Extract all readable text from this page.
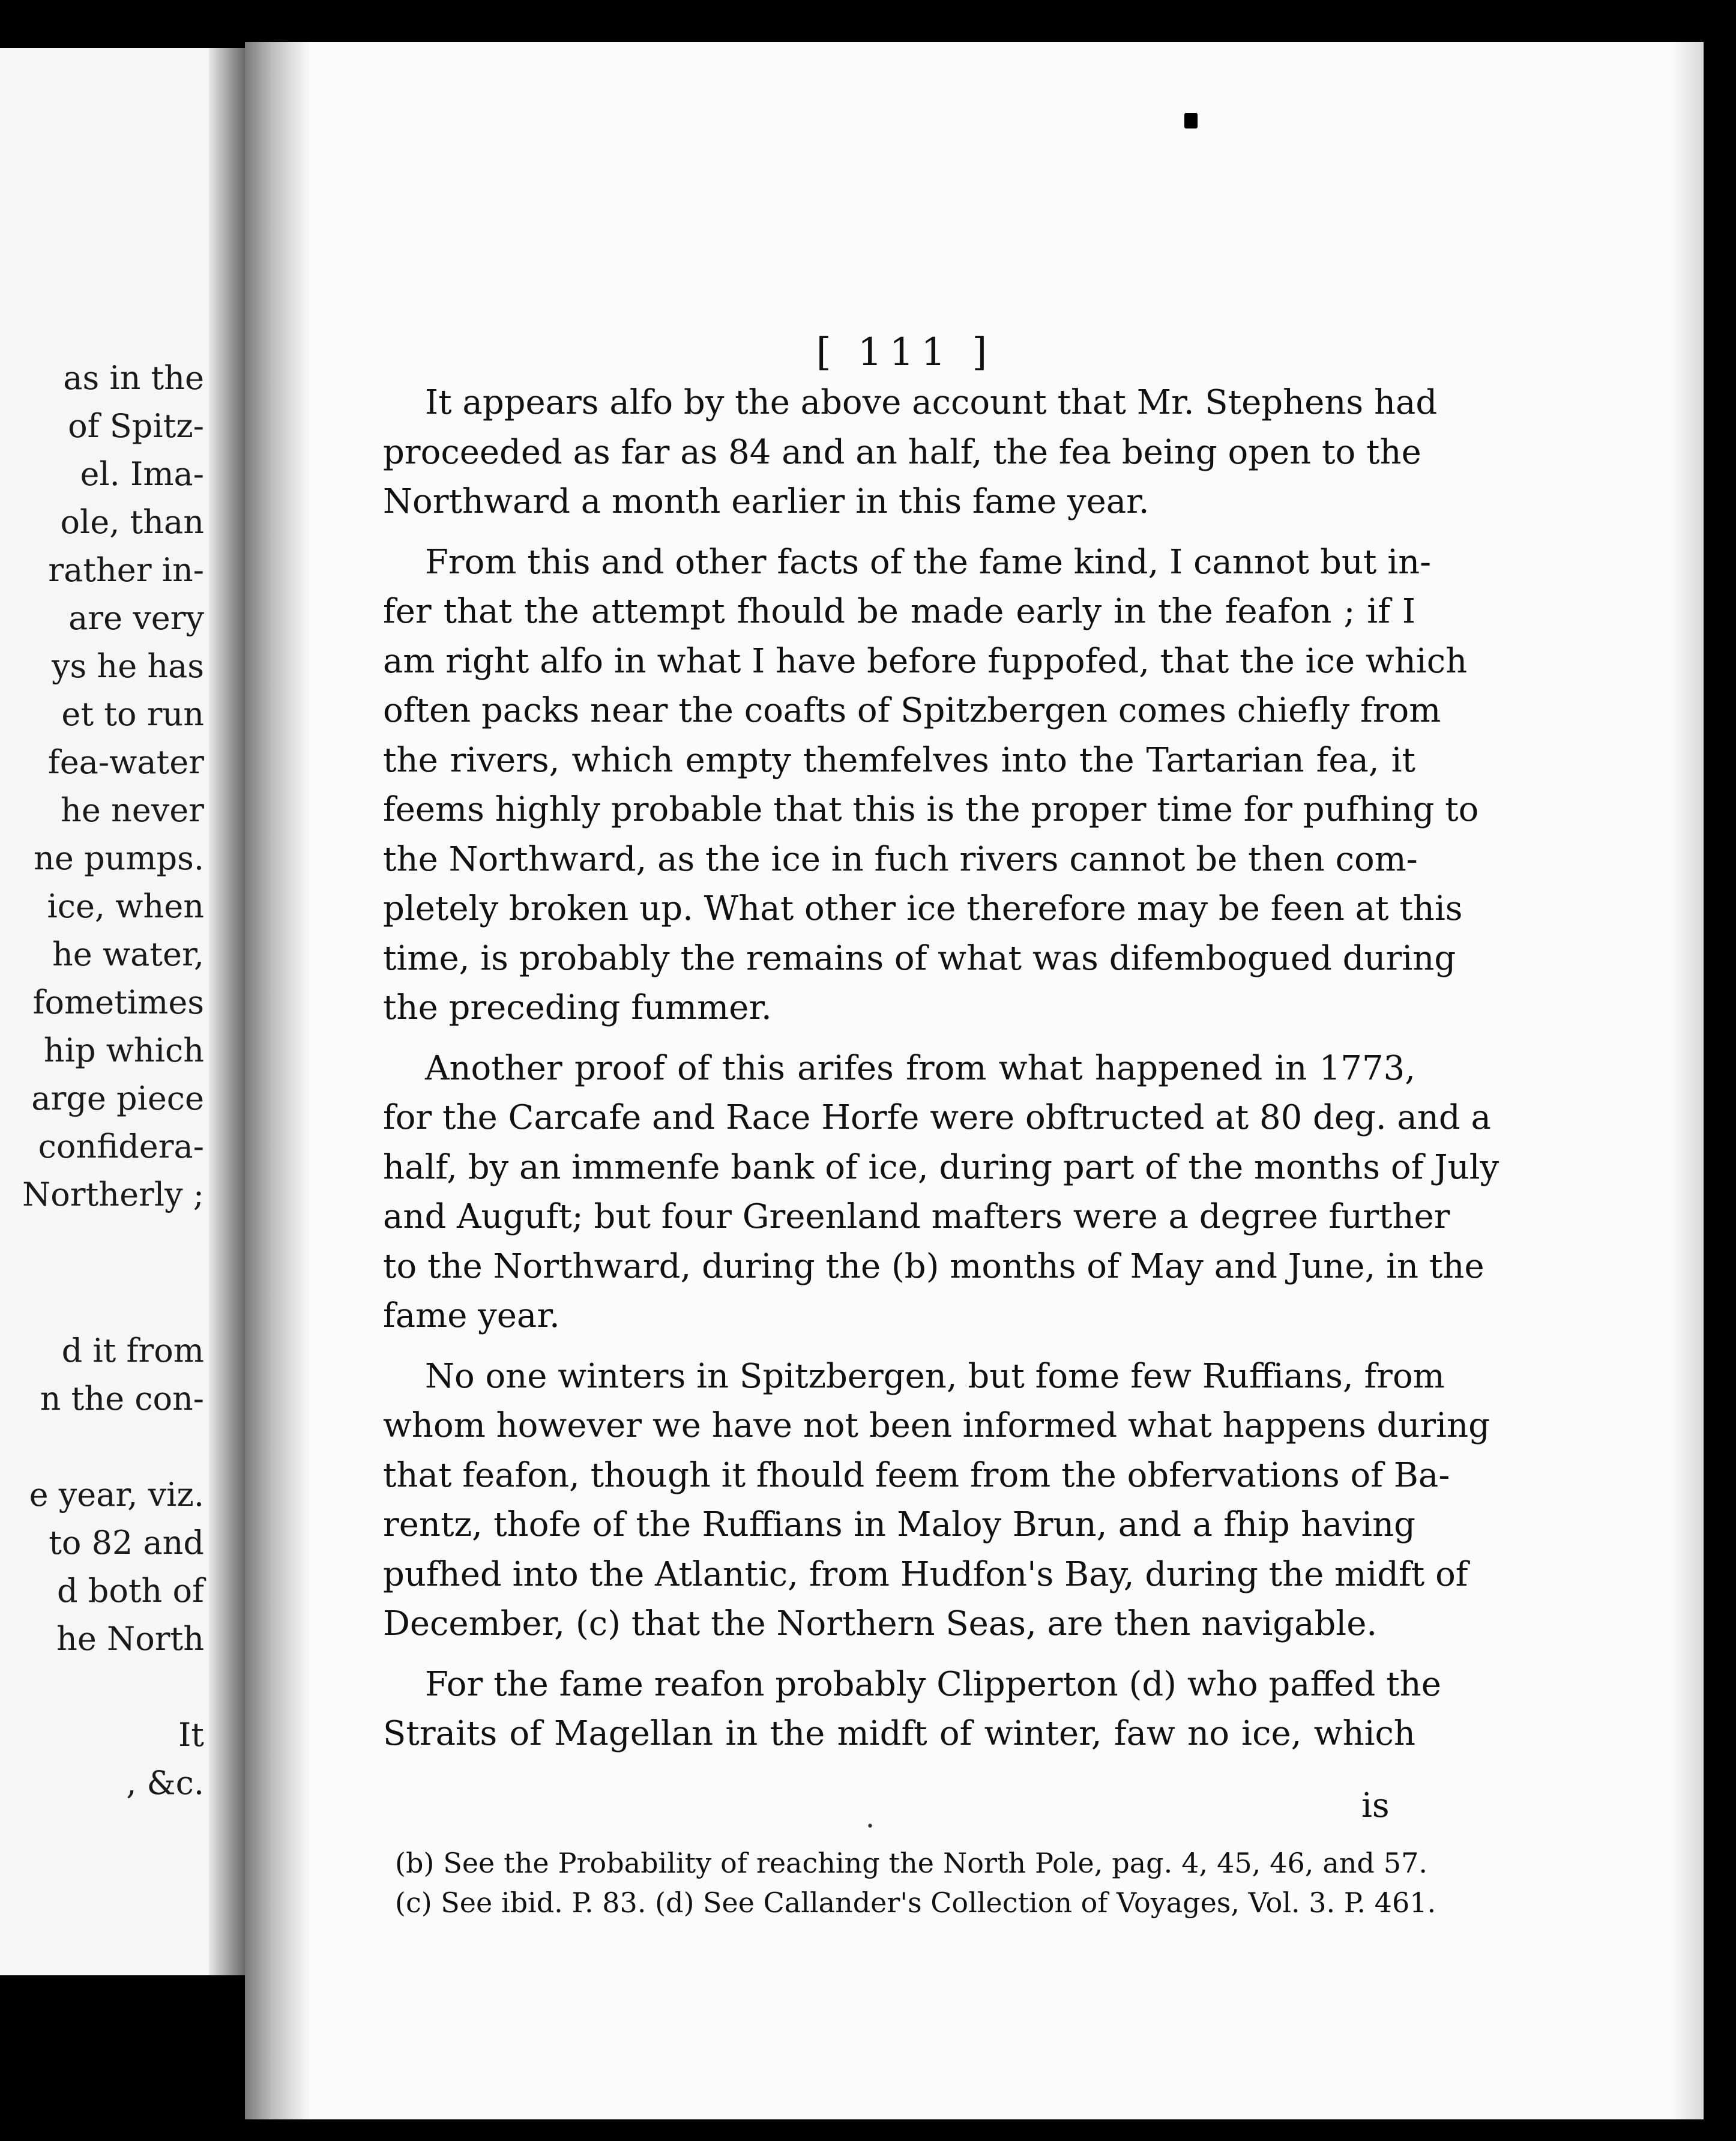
as in the
of Spitz-
el. Ima-
ole, than
rather in-
are very
ys he has
et to run
fea-water
he never
ne pumps.
ice, when
he water,
fometimes
hip which
arge piece
confidera-
Northerly ;
d it from
n the con-
e year, viz.
to 82 and
d both of
he North
It
, &c.
[ 111 ]
It appears alfo by the above account that Mr. Stephens had
proceeded as far as 84 and an half, the fea being open to the
Northward a month earlier in this fame year.
From this and other facts of the fame kind, I cannot but in-
fer that the attempt fhould be made early in the feafon ; if I
am right alfo in what I have before fuppofed, that the ice which
often packs near the coafts of Spitzbergen comes chiefly from
the rivers, which empty themfelves into the Tartarian fea, it
feems highly probable that this is the proper time for pufhing to
the Northward, as the ice in fuch rivers cannot be then com-
pletely broken up. What other ice therefore may be feen at this
time, is probably the remains of what was difembogued during
the preceding fummer.
Another proof of this arifes from what happened in 1773,
for the Carcafe and Race Horfe were obftructed at 80 deg. and a
half, by an immenfe bank of ice, during part of the months of July
and Auguft; but four Greenland mafters were a degree further
to the Northward, during the (b) months of May and June, in the
fame year.
No one winters in Spitzbergen, but fome few Ruffians, from
whom however we have not been informed what happens during
that feafon, though it fhould feem from the obfervations of Ba-
rentz, thofe of the Ruffians in Maloy Brun, and a fhip having
pufhed into the Atlantic, from Hudfon's Bay, during the midft of
December, (c) that the Northern Seas, are then navigable.
For the fame reafon probably Clipperton (d) who paffed the
Straits of Magellan in the midft of winter, faw no ice, which
is
•
(b) See the Probability of reaching the North Pole, pag. 4, 45, 46, and 57.
(c) See ibid. P. 83. (d) See Callander's Collection of Voyages, Vol. 3. P. 461.
